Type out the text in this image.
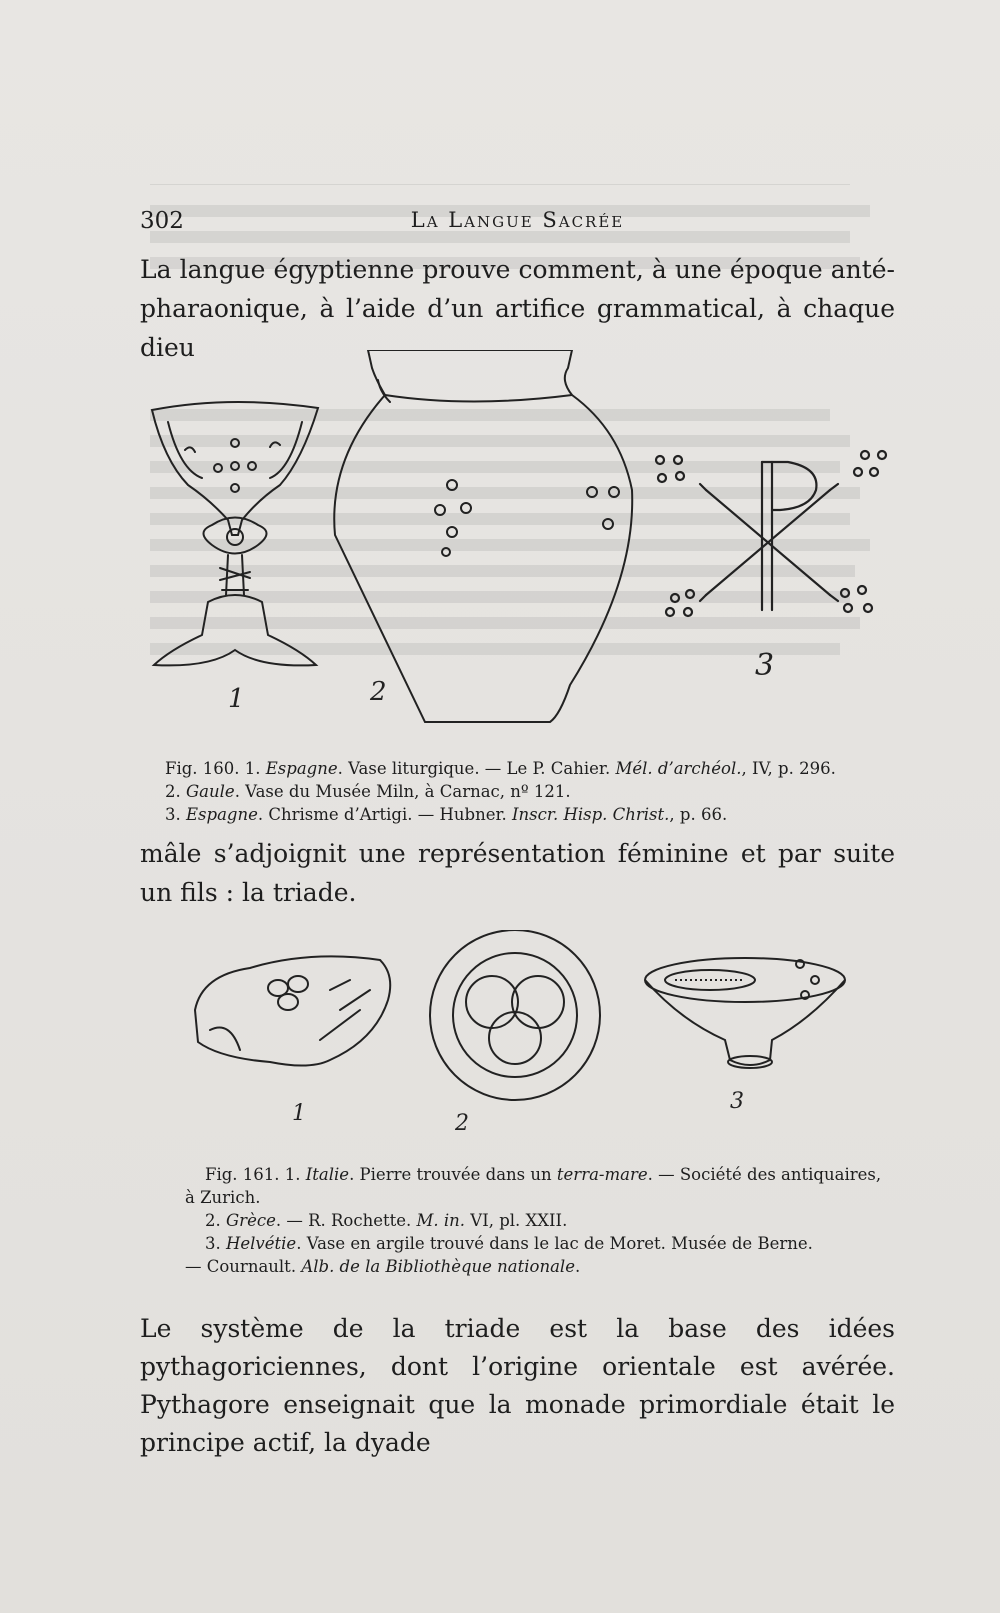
302	La Langue Sacrée
La langue égyptienne prouve comment, à une époque anté-pharaonique, à l’aide d’un artifice grammatical, à chaque dieu
1	2
3
Fig. 160. 1. Espagne. Vase liturgique. — Le P. Cahier. Mél. d’archéol., IV, p. 296.
2. Gaule. Vase du Musée Miln, à Carnac, nº 121.
3. Espagne. Chrisme d’Artigi. — Hubner. Inscr. Hisp. Christ., p. 66.
mâle s’adjoignit une représentation féminine et par suite un fils : la triade.
1	2
3
Fig. 161. 1. Italie. Pierre trouvée dans un terra-mare. — Société des antiquaires, à Zurich.
2. Grèce. — R. Rochette. M. in. VI, pl. XXII.
3. Helvétie. Vase en argile trouvé dans le lac de Moret. Musée de Berne.
— Cournault. Alb. de la Bibliothèque nationale.
Le système de la triade est la base des idées pythagoriciennes, dont l’origine orientale est avérée. Pythagore enseignait que la monade primordiale était le principe actif, la dyade
